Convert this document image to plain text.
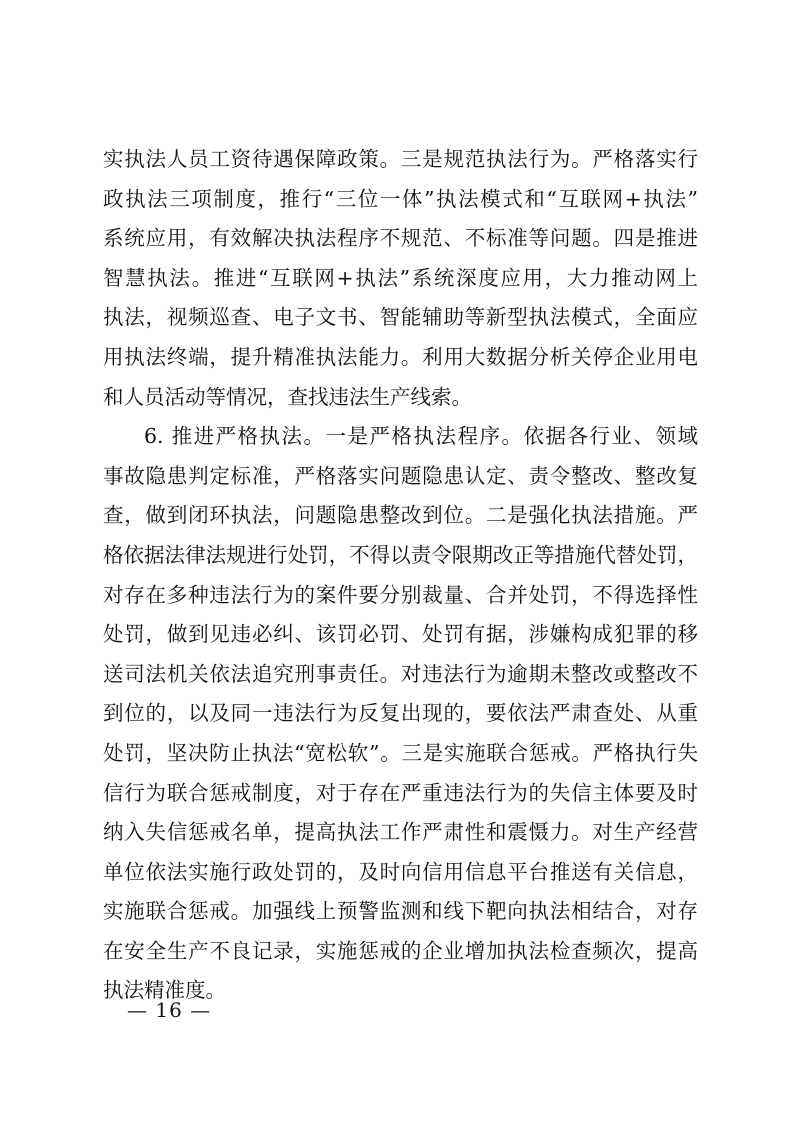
实执法人员工资待遇保障政策。三是规范执法行为。严格落实行
政执法三项制度，推行“三位一体”执法模式和“互联网+执法”
系统应用，有效解决执法程序不规范、不标准等问题。四是推进
智慧执法。推进“互联网+执法”系统深度应用，大力推动网上
执法，视频巡查、电子文书、智能辅助等新型执法模式，全面应
用执法终端，提升精准执法能力。利用大数据分析关停企业用电
和人员活动等情况，查找违法生产线索。
6. 推进严格执法。一是严格执法程序。依据各行业、领域
事故隐患判定标准，严格落实问题隐患认定、责令整改、整改复
查，做到闭环执法，问题隐患整改到位。二是强化执法措施。严
格依据法律法规进行处罚，不得以责令限期改正等措施代替处罚，
对存在多种违法行为的案件要分别裁量、合并处罚，不得选择性
处罚，做到见违必纠、该罚必罚、处罚有据，涉嫌构成犯罪的移
送司法机关依法追究刑事责任。对违法行为逾期未整改或整改不
到位的，以及同一违法行为反复出现的，要依法严肃查处、从重
处罚，坚决防止执法“宽松软”。三是实施联合惩戒。严格执行失
信行为联合惩戒制度，对于存在严重违法行为的失信主体要及时
纳入失信惩戒名单，提高执法工作严肃性和震慑力。对生产经营
单位依法实施行政处罚的，及时向信用信息平台推送有关信息，
实施联合惩戒。加强线上预警监测和线下靶向执法相结合，对存
在安全生产不良记录，实施惩戒的企业增加执法检查频次，提高
执法精准度。
— 16 —
